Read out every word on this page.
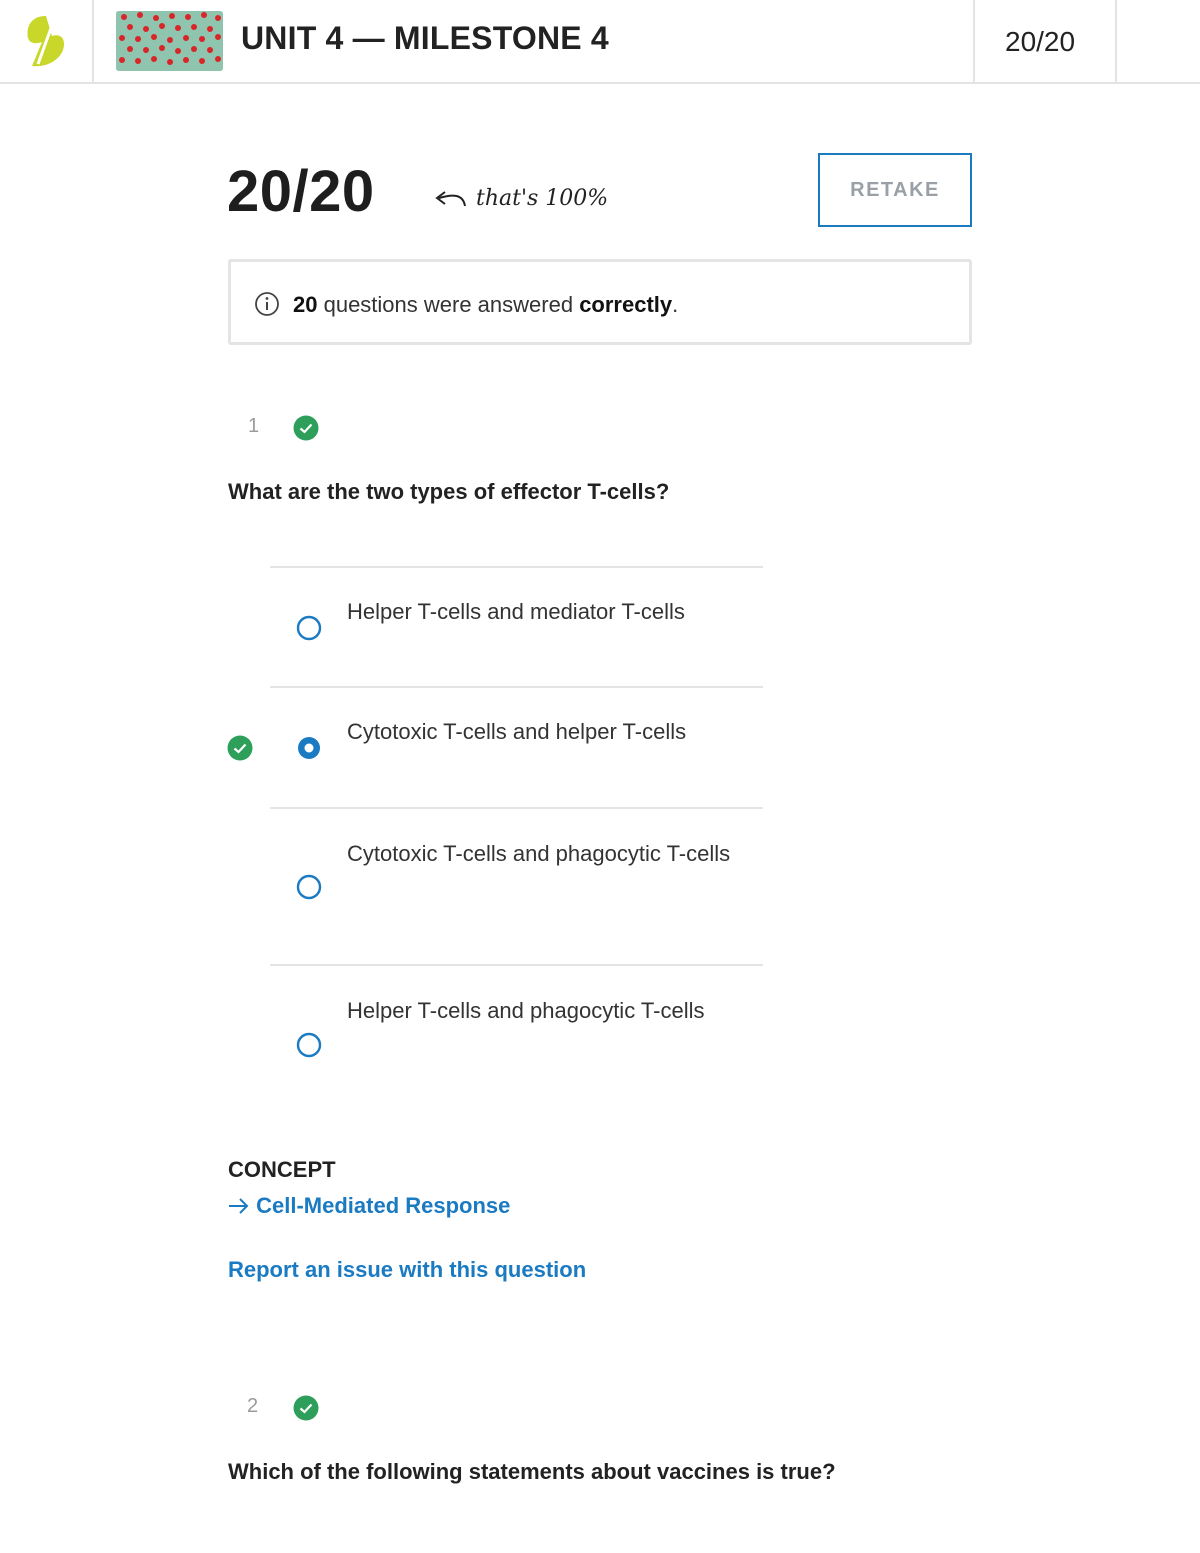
UNIT 4 — MILESTONE 4	20/20
20/20	that's 100%	RETAKE
20 questions were answered correctly.
1
What are the two types of effector T-cells?
Helper T-cells and mediator T-cells
Cytotoxic T-cells and helper T-cells
Cytotoxic T-cells and phagocytic T-cells
Helper T-cells and phagocytic T-cells
CONCEPT
Cell-Mediated Response
Report an issue with this question
2
Which of the following statements about vaccines is true?
